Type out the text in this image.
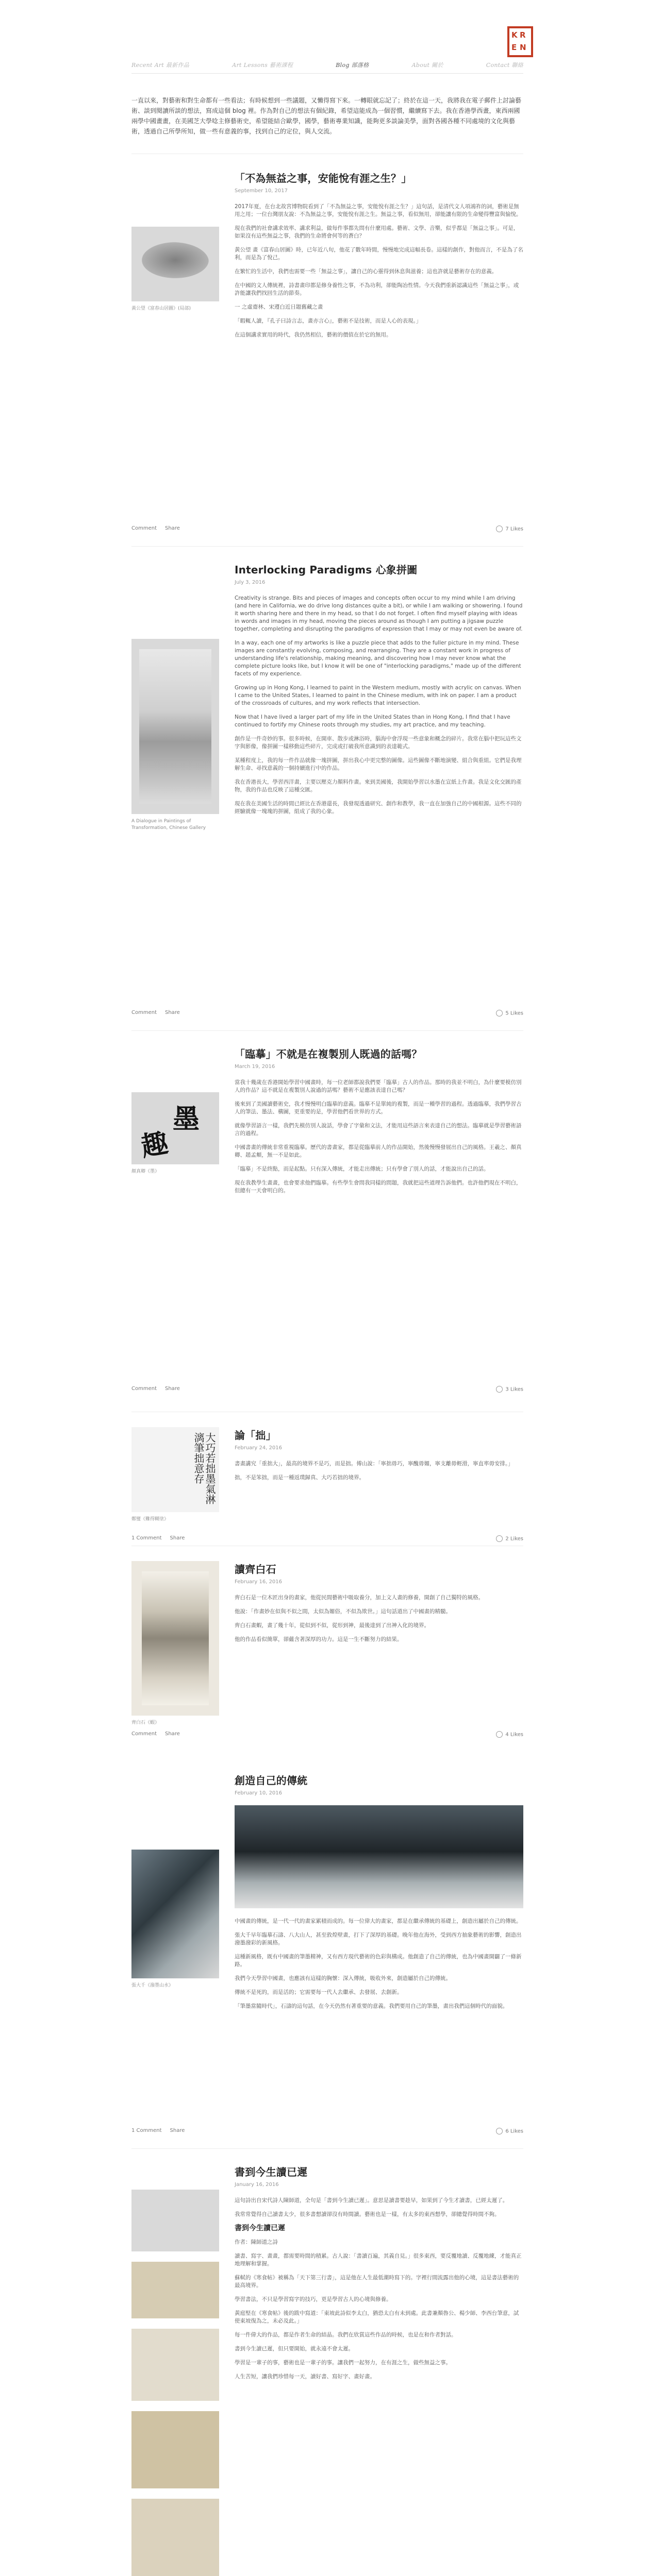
K R
E N
Recent Art 最新作品	Art Lessons 藝術課程	Blog 部落格	About 關於	Contact 聯絡
一直以來，對藝術和對生命都有一些看法；有時候想到一些議題，又懶得寫下來。一轉眼就忘記了；終於在這一天，我將我在電子郵件上討論藝術、談到閱讀所談的想法，寫成這個 blog 裡。作為對自己的想法有個紀錄，希望這能成為一個習慣，繼續寫下去。我在香港學西畫，東西兩國兩學中國畫畫，在美國芝大學唸主修藝術史，希望能結合歐學，國學，藝術專業知識，能夠更多談論美學，面對各國各種不同處境的文化與藝術，透過自己所學所知，做一些有意義的事，找到自己的定位，與人交流。
黃公望《富春山居圖》(局部)
「不為無益之事，安能悅有涯之生？」
September 10, 2017

2017年夏，在台北故宮博物院看到了「不為無益之事，安能悅有涯之生？」這句話，是清代文人項鴻祚的詞，藝術是無用之用；一位台灣朋友說：不為無益之事，安能悅有涯之生。無益之事，看似無用，卻能讓有限的生命變得豐富與愉悅。

現在我們的社會講求效率、講求利益，做每件事都先問有什麼用處。藝術、文學、音樂，似乎都是「無益之事」。可是，如果沒有這些無益之事，我們的生命將會何等的蒼白？

黃公望 畫《富春山居圖》時，已年近八旬，他花了數年時間，慢慢地完成這幅長卷。這樣的創作，對他而言，不是為了名利，而是為了悅己。

在繁忙的生活中，我們也需要一些「無益之事」，讓自己的心靈得到休息與滋養；這也許就是藝術存在的意義。

在中國的文人傳統裡，詩書畫印都是修身養性之事，不為功利，卻能陶冶性情。今天我們重新認識這些「無益之事」，或許能讓我們找回生活的節奏。

一 之虛齋林、宋遵白近日題舊藏之畫

「暇輒人讀，『孔子曰詩言志，畫亦言心』，藝術不是技術，而是人心的表現。」

在這個講求實用的時代，我仍然相信，藝術的價值在於它的無用。

Comment Share	7 Likes
A Dialogue in Paintings of Transformation, Chinese Gallery
Interlocking Paradigms 心象拼圖
July 3, 2016

Creativity is strange. Bits and pieces of images and concepts often occur to my mind while I am driving (and here in California, we do drive long distances quite a bit), or while I am walking or showering. I found it worth sharing here and there in my head, so that I do not forget. I often find myself playing with ideas in words and images in my head, moving the pieces around as though I am putting a jigsaw puzzle together, completing and disrupting the paradigms of expression that I may or may not even be aware of.

In a way, each one of my artworks is like a puzzle piece that adds to the fuller picture in my mind. These images are constantly evolving, composing, and rearranging. They are a constant work in progress of understanding life's relationship, making meaning, and discovering how I may never know what the complete picture looks like, but I know it will be one of "interlocking paradigms," made up of the different facets of my experience.

Growing up in Hong Kong, I learned to paint in the Western medium, mostly with acrylic on canvas. When I came to the United States, I learned to paint in the Chinese medium, with ink on paper. I am a product of the crossroads of cultures, and my work reflects that intersection.

Now that I have lived a larger part of my life in the United States than in Hong Kong, I find that I have continued to fortify my Chinese roots through my studies, my art practice, and my teaching.

創作是一件奇妙的事。很多時候，在開車、散步或淋浴時，腦海中會浮現一些意象和概念的碎片。我常在腦中把玩這些文字與影像，像拼圖一樣移動這些碎片，完成或打破我所意識到的表達範式。

某種程度上，我的每一件作品就像一塊拼圖，拼出我心中更完整的圖像。這些圖像不斷地演變、組合與重組。它們是我理解生命、尋找意義的一個持續進行中的作品。

我在香港長大，學習西洋畫，主要以壓克力顏料作畫。來到美國後，我開始學習以水墨在宣紙上作畫。我是文化交匯的產物，我的作品也反映了這種交匯。

現在我在美國生活的時間已經比在香港還長，我發現透過研究、創作和教學，我一直在加強自己的中國根源。這些不同的經驗就像一塊塊的拼圖，組成了我的心象。

Comment Share	5 Likes
墨
趣
顏真卿《墨》
「臨摹」不就是在複製別人既過的話嗎？
March 19, 2016

當我十幾歲在香港開始學習中國畫時，每一位老師都說我們要「臨摹」古人的作品。那時的我並不明白，為什麼要模仿別人的作品？這不就是在複製別人說過的話嗎？藝術不是應該表達自己嗎？

後來到了美國讀藝術史，我才慢慢明白臨摹的意義。臨摹不是單純的複製，而是一種學習的過程。透過臨摹，我們學習古人的筆法、墨法、構圖，更重要的是，學習他們看世界的方式。

就像學習語言一樣，我們先模仿別人說話，學會了字彙和文法，才能用這些語言來表達自己的想法。臨摹就是學習藝術語言的過程。

中國書畫的傳統非常重視臨摹。歷代的書畫家，都是從臨摹前人的作品開始，然後慢慢發展出自己的風格。王羲之、顏真卿、趙孟頫，無一不是如此。

「臨摹」不是終點，而是起點。只有深入傳統，才能走出傳統；只有學會了別人的話，才能說出自己的話。

現在我教學生畫畫，也會要求他們臨摹。有些學生會問我同樣的問題，我就把這些道理告訴他們。也許他們現在不明白，但總有一天會明白的。

Comment Share	3 Likes
大巧若拙墨氣淋漓筆拙意存
鄭燮《難得糊塗》
論「拙」
February 24, 2016

書畫講究「重拙大」，最高的境界不是巧，而是拙。傅山說：「寧拙毋巧，寧醜毋媚，寧支離毋輕滑，寧直率毋安排。」

拙，不是笨拙，而是一種返璞歸真、大巧若拙的境界。

1 Comment Share	2 Likes
齊白石《蝦》
讀齊白石
February 16, 2016

齊白石是一位木匠出身的畫家，他從民間藝術中吸取養分，加上文人畫的修養，開創了自己獨特的風格。

他說：「作畫妙在似與不似之間，太似為媚俗，不似為欺世。」這句話道出了中國畫的精髓。

齊白石畫蝦，畫了幾十年，從似到不似，從形到神，最後達到了出神入化的境界。

他的作品看似簡單，卻蘊含著深厚的功力。這是一生不斷努力的結果。

Comment Share	4 Likes
張大千《潑墨山水》
創造自己的傳統
February 10, 2016

中國畫的傳統，是一代一代的畫家累積而成的。每一位偉大的畫家，都是在繼承傳統的基礎上，創造出屬於自己的傳統。

張大千早年臨摹石濤、八大山人，甚至敦煌壁畫，打下了深厚的基礎。晚年他在海外，受到西方抽象藝術的影響，創造出潑墨潑彩的新風格。

這種新風格，既有中國畫的筆墨精神，又有西方現代藝術的色彩與構成。他創造了自己的傳統，也為中國畫開闢了一條新路。

我們今天學習中國畫，也應該有這樣的胸懷：深入傳統，吸收外來，創造屬於自己的傳統。

傳統不是死的，而是活的；它需要每一代人去繼承、去發展、去創新。

「筆墨當隨時代」，石濤的這句話，在今天仍然有著重要的意義。我們要用自己的筆墨，畫出我們這個時代的面貌。

1 Comment Share	6 Likes
書到今生讀已遲
January 16, 2016

這句詩出自宋代詩人陳師道，全句是「書到今生讀已遲」。意思是讀書要趁早，如果到了今生才讀書，已經太遲了。

我常常覺得自己讀書太少，很多書想讀卻沒有時間讀。藝術也是一樣，有太多的東西想學，卻總覺得時間不夠。

書到今生讀已遲

作者：陳師道之詩

讀書、寫字、畫畫，都需要時間的積累。古人說：「書讀百遍，其義自見。」很多東西，要反覆地讀、反覆地練，才能真正地理解和掌握。

蘇軾的《寒食帖》被稱為「天下第三行書」，這是他在人生最低潮時寫下的。字裡行間流露出他的心境，這是書法藝術的最高境界。

學習書法，不只是學習寫字的技巧，更是學習古人的心境與修養。

黃庭堅在《寒食帖》後的跋中寫道：「東坡此詩似李太白，猶恐太白有未到處。此書兼顏魯公、楊少師、李西台筆意，試使東坡復為之，未必及此。」

每一件偉大的作品，都是作者生命的結晶。我們在欣賞這些作品的時候，也是在和作者對話。

書到今生讀已遲，但只要開始，就永遠不會太遲。

學習是一輩子的事，藝術也是一輩子的事。讓我們一起努力，在有涯之生，做些無益之事。

人生苦短，讓我們珍惜每一天，讀好書、寫好字、畫好畫。
